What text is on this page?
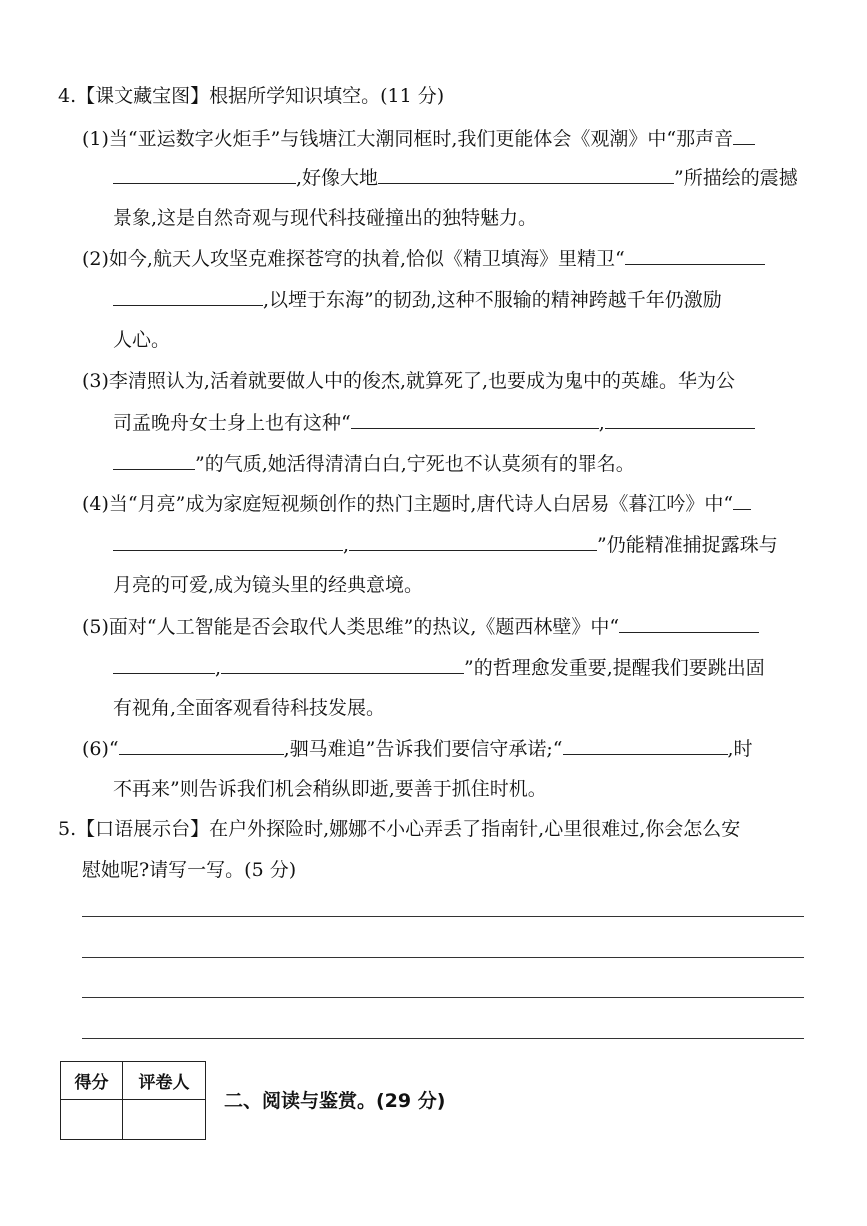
4.【课文藏宝图】根据所学知识填空。(11 分)
(1)当“亚运数字火炬手”与钱塘江大潮同框时,我们更能体会《观潮》中“那声音
,好像大地	”所描绘的震撼
景象,这是自然奇观与现代科技碰撞出的独特魅力。
(2)如今,航天人攻坚克难探苍穹的执着,恰似《精卫填海》里精卫“
,以堙于东海”的韧劲,这种不服输的精神跨越千年仍激励
人心。
(3)李清照认为,活着就要做人中的俊杰,就算死了,也要成为鬼中的英雄。华为公
司孟晚舟女士身上也有这种“	,
”的气质,她活得清清白白,宁死也不认莫须有的罪名。
(4)当“月亮”成为家庭短视频创作的热门主题时,唐代诗人白居易《暮江吟》中“
,	”仍能精准捕捉露珠与
月亮的可爱,成为镜头里的经典意境。
(5)面对“人工智能是否会取代人类思维”的热议,《题西林壁》中“
,	”的哲理愈发重要,提醒我们要跳出固
有视角,全面客观看待科技发展。
(6)“	,驷马难追”告诉我们要信守承诺;“	,时
不再来”则告诉我们机会稍纵即逝,要善于抓住时机。
5.【口语展示台】在户外探险时,娜娜不小心弄丢了指南针,心里很难过,你会怎么安
慰她呢?请写一写。(5 分)
得分	评卷人

二、阅读与鉴赏。(29 分)
